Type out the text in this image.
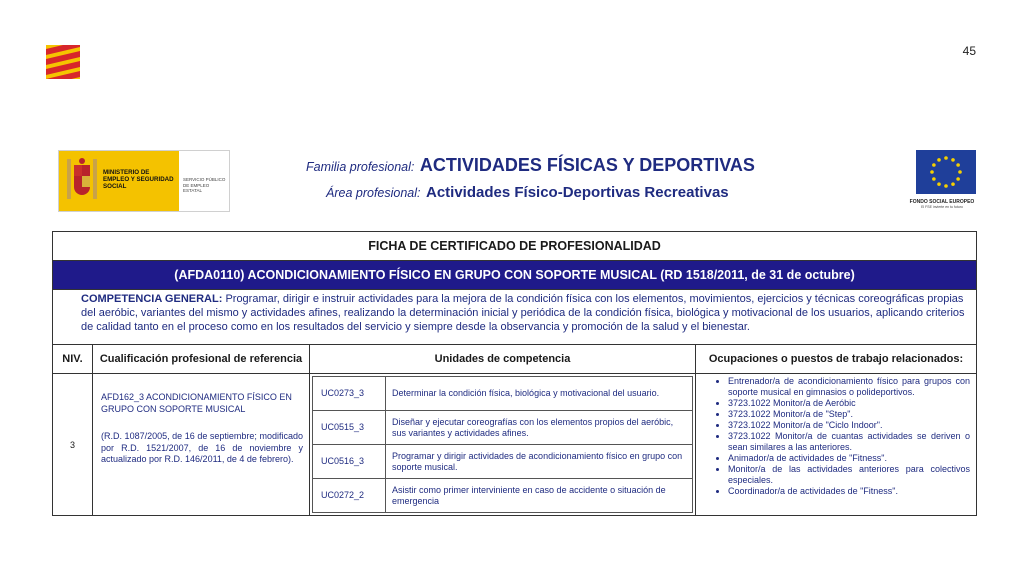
45
MINISTERIO DE EMPLEO Y SEGURIDAD SOCIAL
SERVICIO PÚBLICO DE EMPLEO ESTATAL
Familia profesional: ACTIVIDADES FÍSICAS Y DEPORTIVAS
Área profesional: Actividades Físico-Deportivas Recreativas
FONDO SOCIAL EUROPEO
El FSE invierte en tu futuro
FICHA DE CERTIFICADO DE PROFESIONALIDAD
(AFDA0110) ACONDICIONAMIENTO FÍSICO EN GRUPO CON SOPORTE MUSICAL (RD 1518/2011, de 31 de octubre)
COMPETENCIA GENERAL: Programar, dirigir e instruir actividades para la mejora de la condición física con los elementos, movimientos, ejercicios y técnicas coreográficas propias del aeróbic, variantes del mismo y actividades afines, realizando la determinación inicial y periódica de la condición física, biológica y motivacional de los usuarios, aplicando criterios de calidad tanto en el proceso como en los resultados del servicio y siempre desde la observancia y promoción de la salud y el bienestar.
NIV.	Cualificación profesional de referencia	Unidades de competencia	Ocupaciones o puestos de trabajo relacionados:
3	
AFD162_3 ACONDICIONAMIENTO FÍSICO EN GRUPO CON SOPORTE MUSICAL
(R.D. 1087/2005, de 16 de septiembre; modificado por R.D. 1521/2007, de 16 de noviembre y actualizado por R.D. 146/2011, de 4 de febrero).

UC0273_3	Determinar la condición física, biológica y motivacional del usuario.
UC0515_3	Diseñar y ejecutar coreografías con los elementos propios del aeróbic, sus variantes y actividades afines.
UC0516_3	Programar y dirigir actividades de acondicionamiento físico en grupo con soporte musical.
UC0272_2	Asistir como primer interviniente en caso de accidente o situación de emergencia

• Entrenador/a de acondicionamiento físico para grupos con soporte musical en gimnasios o polideportivos.
• 3723.1022 Monitor/a de Aeróbic
• 3723.1022 Monitor/a de "Step".
• 3723.1022 Monitor/a de "Ciclo Indoor".
• 3723.1022 Monitor/a de cuantas actividades se deriven o sean similares a las anteriores.
• Animador/a de actividades de "Fitness".
• Monitor/a de las actividades anteriores para colectivos especiales.
• Coordinador/a de actividades de "Fitness".
